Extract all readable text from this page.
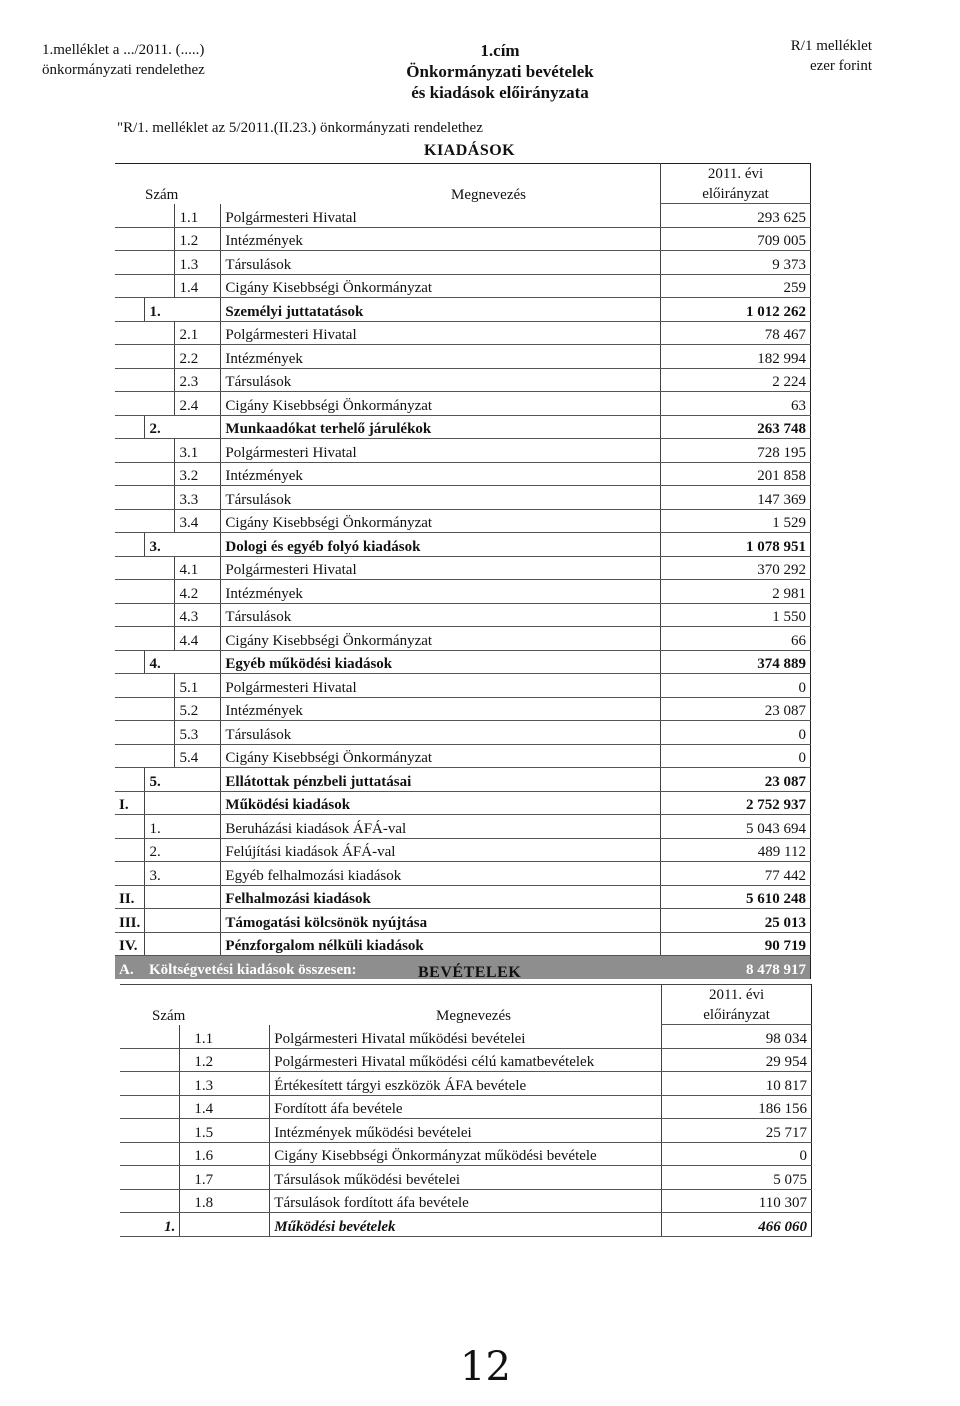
1.melléklet a .../2011. (.....)
önkormányzati rendelethez
1.cím
Önkormányzati bevételek
és kiadások előirányzata
R/1 melléklet
ezer forint
"R/1. melléklet az 5/2011.(II.23.) önkormányzati rendelethez
KIADÁSOK
Szám			Megnevezés	2011. évi
				előirányzat
		1.1	Polgármesteri Hivatal	293 625
		1.2	Intézmények	709 005
		1.3	Társulások	9 373
		1.4	Cigány Kisebbségi Önkormányzat	259
	1.		Személyi juttatatások	1 012 262
		2.1	Polgármesteri Hivatal	78 467
		2.2	Intézmények	182 994
		2.3	Társulások	2 224
		2.4	Cigány Kisebbségi Önkormányzat	63
	2.		Munkaadókat terhelő járulékok	263 748
		3.1	Polgármesteri Hivatal	728 195
		3.2	Intézmények	201 858
		3.3	Társulások	147 369
		3.4	Cigány Kisebbségi Önkormányzat	1 529
	3.		Dologi és egyéb folyó kiadások	1 078 951
		4.1	Polgármesteri Hivatal	370 292
		4.2	Intézmények	2 981
		4.3	Társulások	1 550
		4.4	Cigány Kisebbségi Önkormányzat	66
	4.		Egyéb működési kiadások	374 889
		5.1	Polgármesteri Hivatal	0
		5.2	Intézmények	23 087
		5.3	Társulások	0
		5.4	Cigány Kisebbségi Önkormányzat	0
	5.		Ellátottak pénzbeli juttatásai	23 087
I.			Működési kiadások	2 752 937
	1.		Beruházási kiadások ÁFÁ-val	5 043 694
	2.		Felújítási kiadások ÁFÁ-val	489 112
	3.		Egyéb felhalmozási kiadások	77 442
II.			Felhalmozási kiadások	5 610 248
III.			Támogatási kölcsönök nyújtása	25 013
IV.			Pénzforgalom nélküli kiadások	90 719
A.	Költségvetési kiadások összesen:			8 478 917
BEVÉTELEK
Szám		Megnevezés	2011. évi
			előirányzat
	1.1	Polgármesteri Hivatal működési bevételei	98 034
	1.2	Polgármesteri Hivatal működési célú kamatbevételek	29 954
	1.3	Értékesített tárgyi eszközök ÁFA bevétele	10 817
	1.4	Fordított áfa bevétele	186 156
	1.5	Intézmények működési bevételei	25 717
	1.6	Cigány Kisebbségi Önkormányzat működési bevétele	0
	1.7	Társulások működési bevételei	5 075
	1.8	Társulások fordított áfa bevétele	110 307
1.		Működési bevételek	466 060
12
